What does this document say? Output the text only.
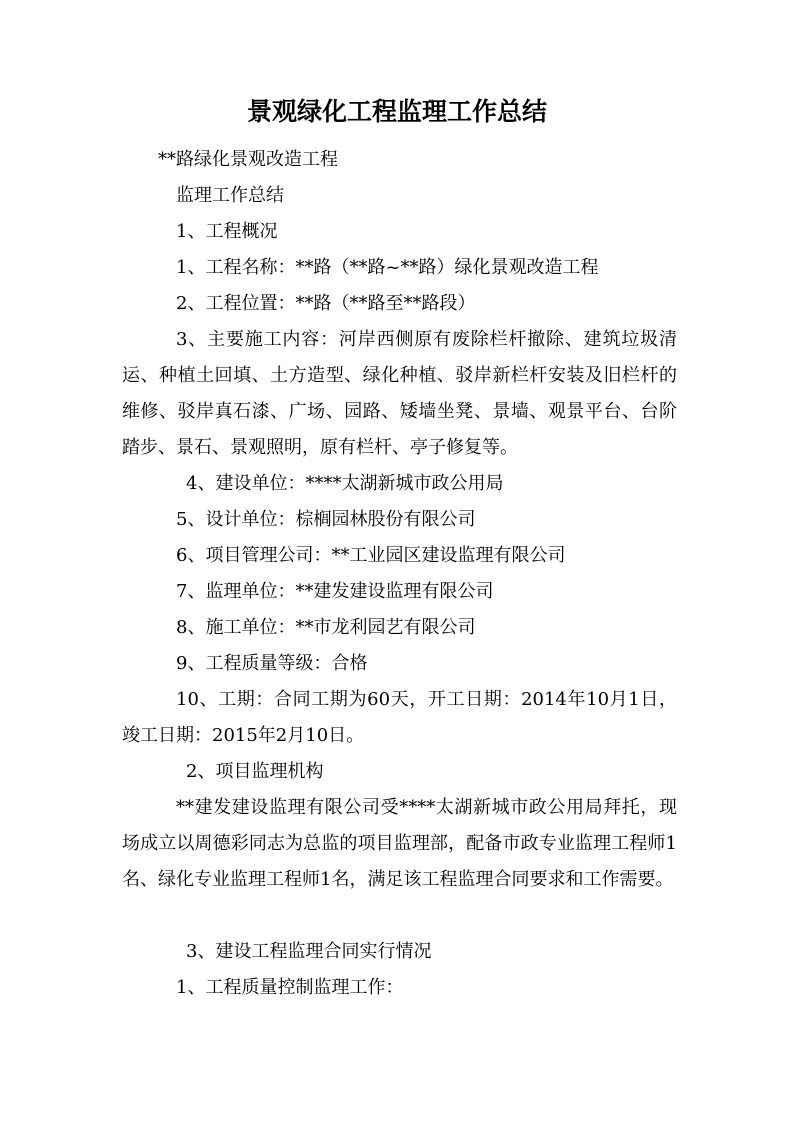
景观绿化工程监理工作总结
**路绿化景观改造工程
监理工作总结
1、工程概况
1、工程名称：**路（**路~**路）绿化景观改造工程
2、工程位置：**路（**路至**路段）
3、主要施工内容：河岸西侧原有废除栏杆撤除、建筑垃圾清运、种植土回填、土方造型、绿化种植、驳岸新栏杆安装及旧栏杆的维修、驳岸真石漆、广场、园路、矮墙坐凳、景墙、观景平台、台阶踏步、景石、景观照明，原有栏杆、亭子修复等。
4、建设单位：****太湖新城市政公用局
5、设计单位：棕榈园林股份有限公司
6、项目管理公司：**工业园区建设监理有限公司
7、监理单位：**建发建设监理有限公司
8、施工单位：**市龙利园艺有限公司
9、工程质量等级：合格
10、工期：合同工期为60天，开工日期：2014年10月1日，竣工日期：2015年2月10日。
2、项目监理机构
**建发建设监理有限公司受****太湖新城市政公用局拜托，现场成立以周德彩同志为总监的项目监理部，配备市政专业监理工程师1名、绿化专业监理工程师1名，满足该工程监理合同要求和工作需要。
3、建设工程监理合同实行情况
1、工程质量控制监理工作：
